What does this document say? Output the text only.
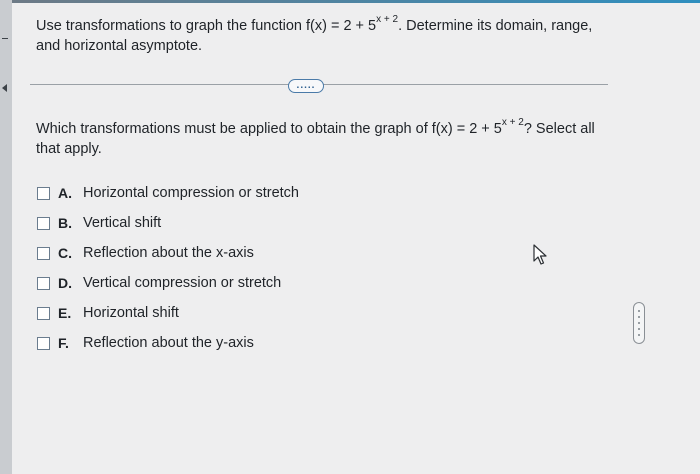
Use transformations to graph the function $f(x) = 2 + 5^{x + 2}$. Determine its domain, range, and horizontal asymptote.
.....
Which transformations must be applied to obtain the graph of $f(x) = 2 + 5^{x + 2}$? Select all that apply.
A. Horizontal compression or stretch
B. Vertical shift
C. Reflection about the x-axis
D. Vertical compression or stretch
E. Horizontal shift
F. Reflection about the y-axis
